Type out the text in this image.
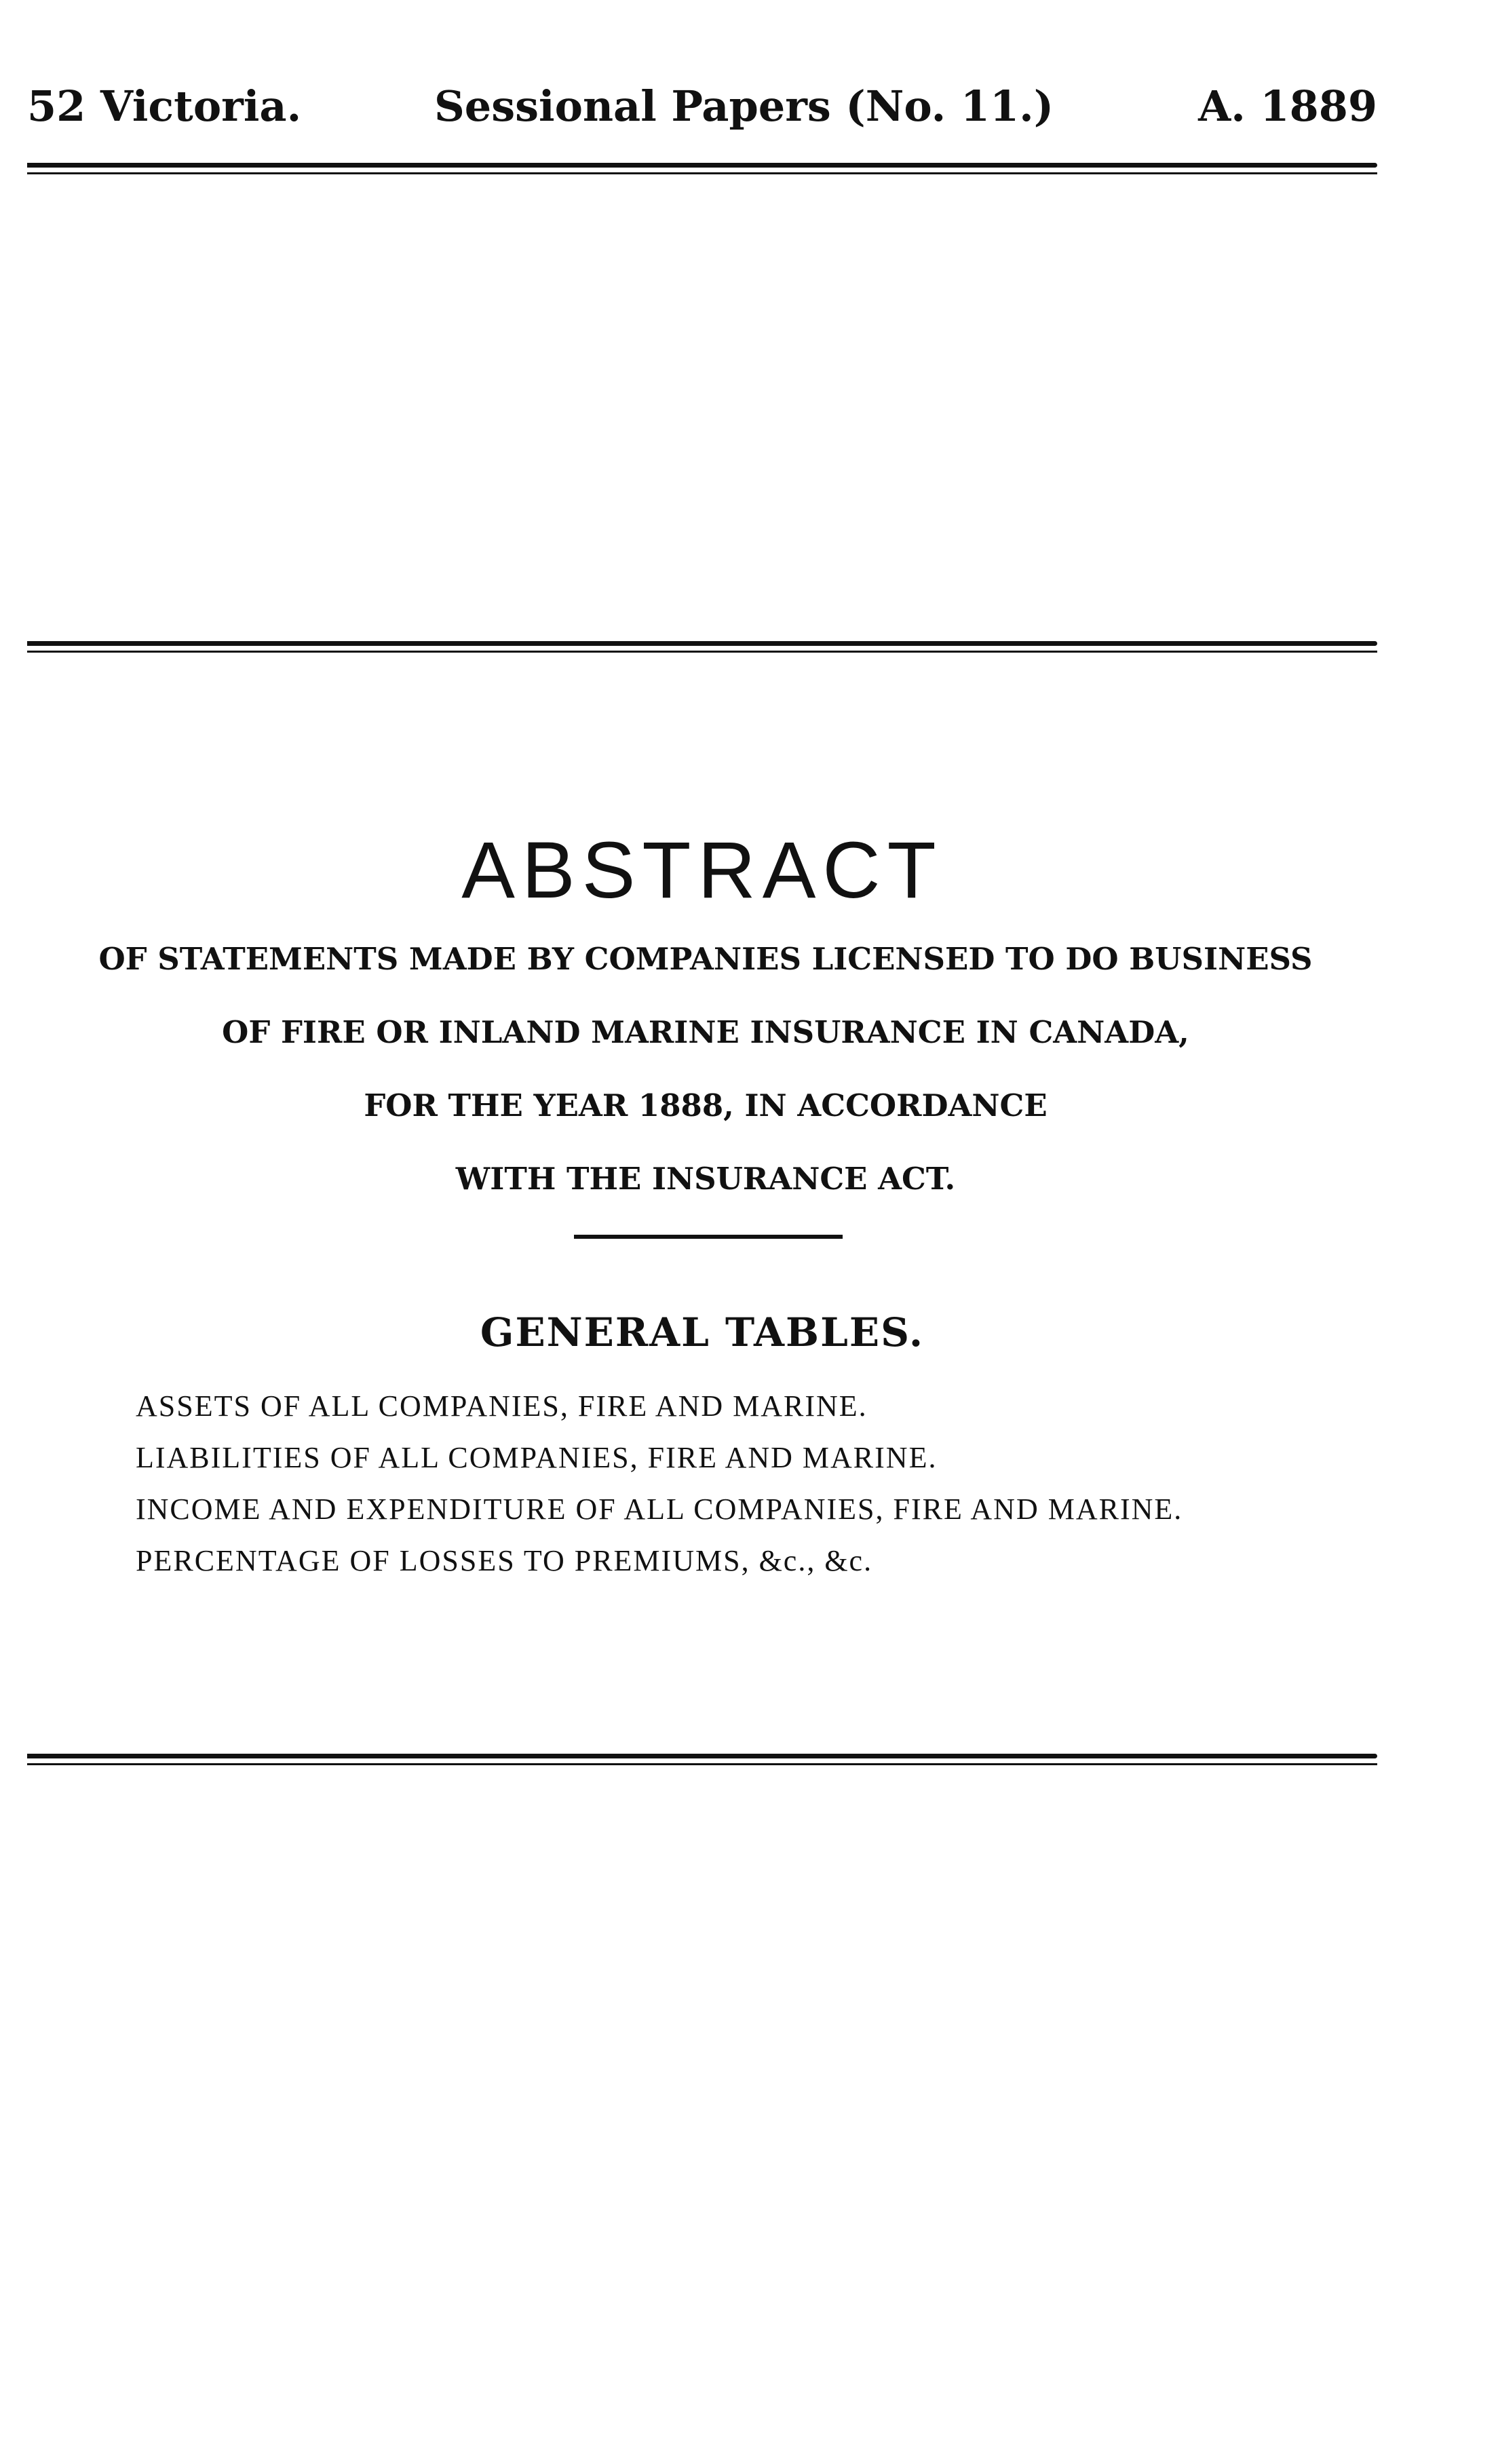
52 Victoria.	Sessional Papers (No. 11.)	A. 1889
ABSTRACT
OF STATEMENTS MADE BY COMPANIES LICENSED TO DO BUSINESS
OF FIRE OR INLAND MARINE INSURANCE IN CANADA,
FOR THE YEAR 1888, IN ACCORDANCE
WITH THE INSURANCE ACT.
GENERAL TABLES.
ASSETS OF ALL COMPANIES, FIRE AND MARINE.
LIABILITIES OF ALL COMPANIES, FIRE AND MARINE.
INCOME AND EXPENDITURE OF ALL COMPANIES, FIRE AND MARINE.
PERCENTAGE OF LOSSES TO PREMIUMS, &c., &c.
